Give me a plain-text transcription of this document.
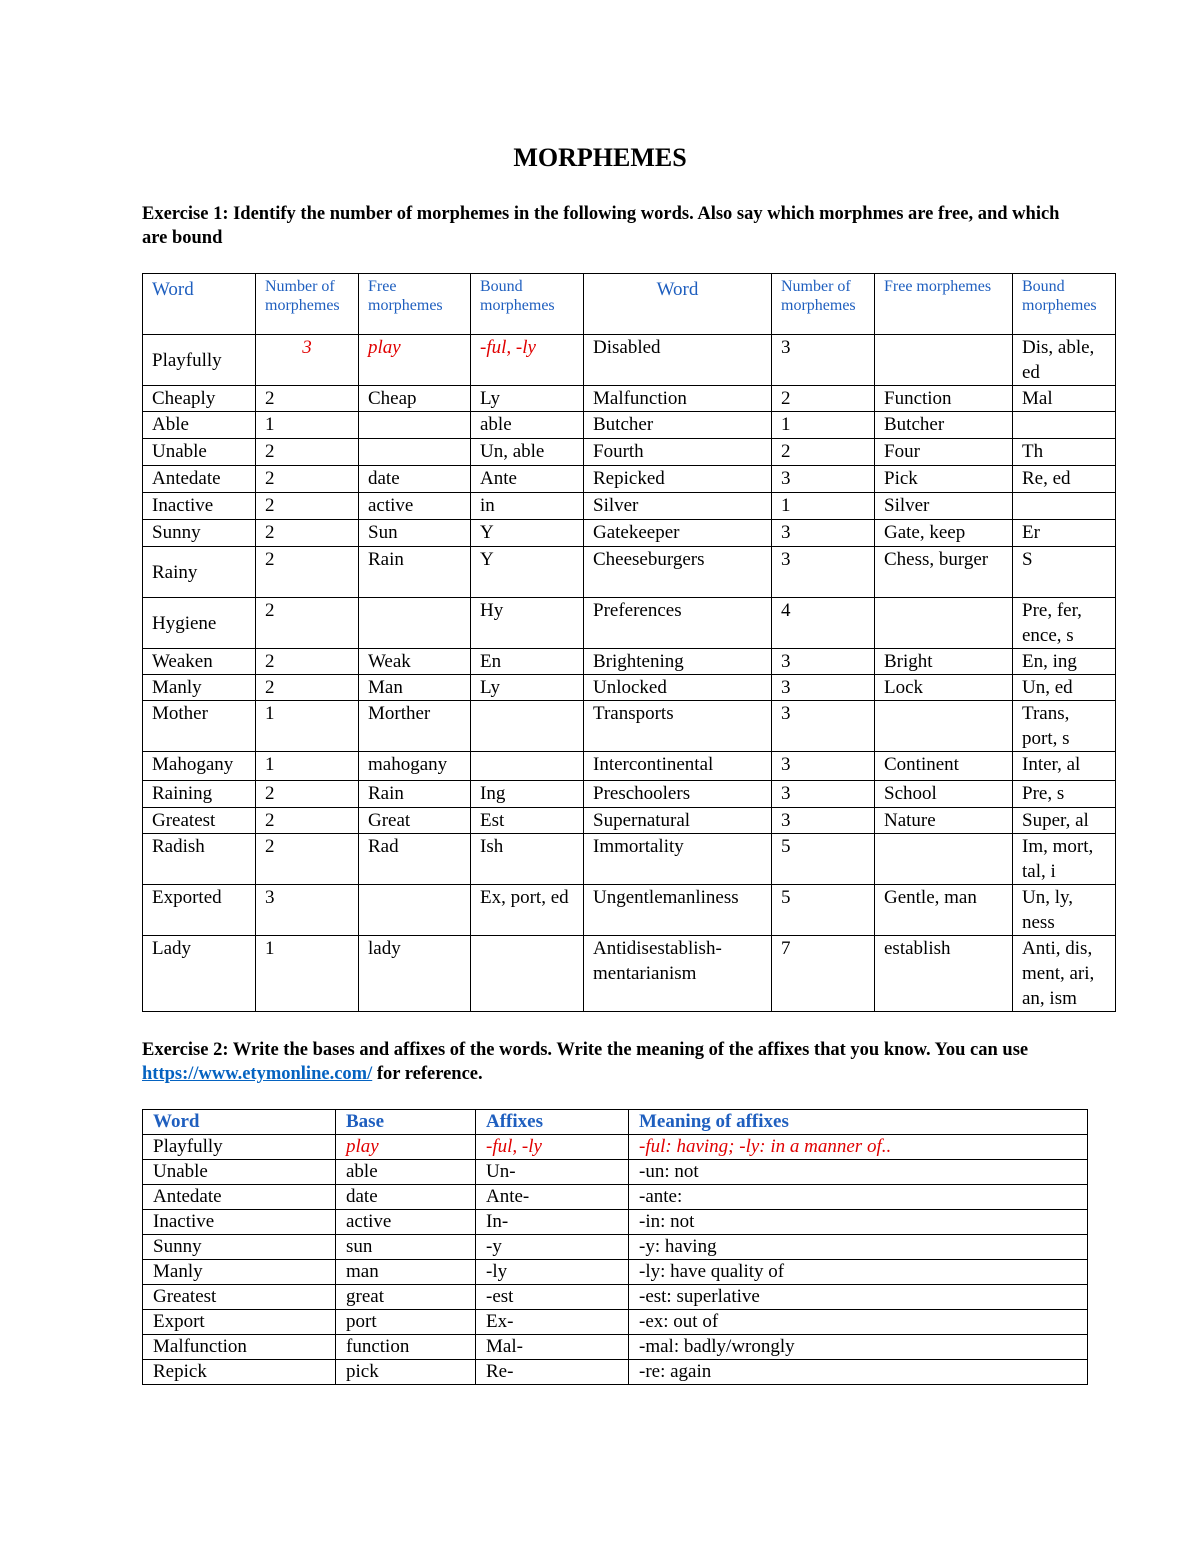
MORPHEMES
Exercise 1: Identify the number of morphemes in the following words. Also say which morphmes are free, and which are bound
Word	Number of morphemes	Free morphemes	Bound morphemes	Word	Number of morphemes	Free morphemes	Bound morphemes
Playfully	3	play	-ful, -ly	Disabled	3		Dis, able, ed
Cheaply	2	Cheap	Ly	Malfunction	2	Function	Mal
Able	1		able	Butcher	1	Butcher	
Unable	2		Un, able	Fourth	2	Four	Th
Antedate	2	date	Ante	Repicked	3	Pick	Re, ed
Inactive	2	active	in	Silver	1	Silver	
Sunny	2	Sun	Y	Gatekeeper	3	Gate, keep	Er
Rainy	2	Rain	Y	Cheeseburgers	3	Chess, burger	S
Hygiene	2		Hy	Preferences	4		Pre, fer, ence, s
Weaken	2	Weak	En	Brightening	3	Bright	En, ing
Manly	2	Man	Ly	Unlocked	3	Lock	Un, ed
Mother	1	Morther		Transports	3		Trans, port, s
Mahogany	1	mahogany		Intercontinental	3	Continent	Inter, al
Raining	2	Rain	Ing	Preschoolers	3	School	Pre, s
Greatest	2	Great	Est	Supernatural	3	Nature	Super, al
Radish	2	Rad	Ish	Immortality	5		Im, mort, tal, i
Exported	3		Ex, port, ed	Ungentlemanliness	5	Gentle, man	Un, ly, ness
Lady	1	lady		Antidisestablish-mentarianism	7	establish	Anti, dis, ment, ari, an, ism
Exercise 2: Write the bases and affixes of the words. Write the meaning of the affixes that you know. You can use https://www.etymonline.com/ for reference.
Word	Base	Affixes	Meaning of affixes
Playfully	play	-ful, -ly	-ful: having; -ly: in a manner of..
Unable	able	Un-	-un: not
Antedate	date	Ante-	-ante:
Inactive	active	In-	-in: not
Sunny	sun	-y	-y: having
Manly	man	-ly	-ly: have quality of
Greatest	great	-est	-est: superlative
Export	port	Ex-	-ex: out of
Malfunction	function	Mal-	-mal: badly/wrongly
Repick	pick	Re-	-re: again
